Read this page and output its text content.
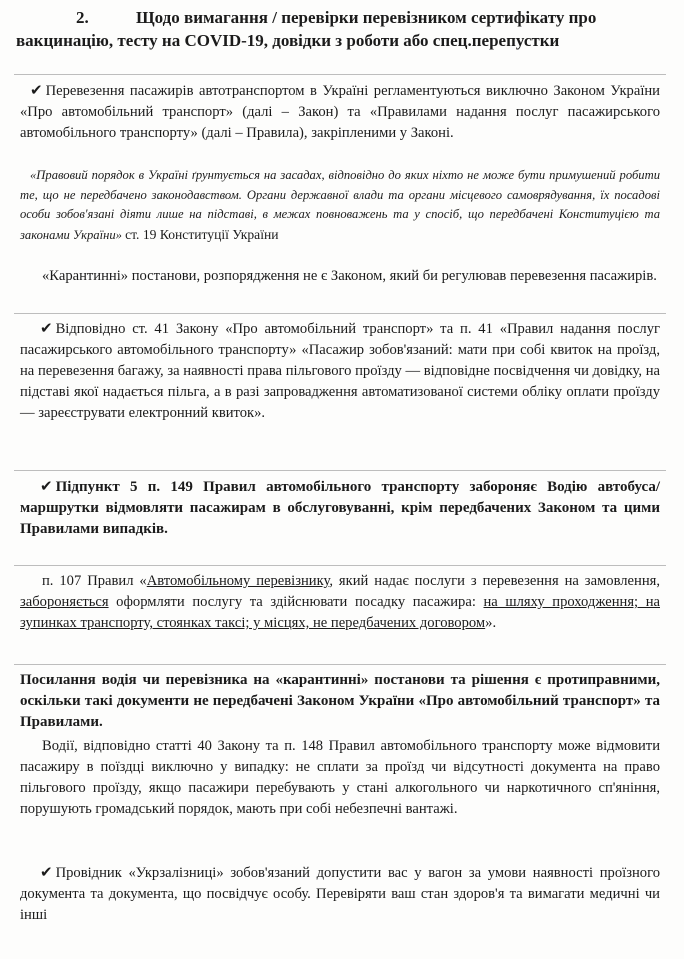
2.	Щодо вимагання / перевірки перевізником сертифікату про вакцинацію, тесту на COVID-19, довідки з роботи або спец.перепустки
✔ Перевезення пасажирів автотранспортом в Україні регламентуються виключно Законом України «Про автомобільний транспорт» (далі – Закон) та «Правилами надання послуг пасажирського автомобільного транспорту» (далі – Правила), закріпленими у Законі.
«Правовий порядок в Україні ґрунтується на засадах, відповідно до яких ніхто не може бути примушений робити те, що не передбачено законодавством. Органи державної влади та органи місцевого самоврядування, їх посадові особи зобов'язані діяти лише на підставі, в межах повноважень та у спосіб, що передбачені Конституцією та законами України» ст. 19 Конституції України
«Карантинні» постанови, розпорядження не є Законом, який би регулював перевезення пасажирів.
✔ Відповідно ст. 41 Закону «Про автомобільний транспорт» та п. 41 «Правил надання послуг пасажирського автомобільного транспорту» «Пасажир зобов'язаний: мати при собі квиток на проїзд, на перевезення багажу, за наявності права пільгового проїзду — відповідне посвідчення чи довідку, на підставі якої надається пільга, а в разі запровадження автоматизованої системи обліку оплати проїзду — зареєструвати електронний квиток».
✔ Підпункт 5 п. 149 Правил автомобільного транспорту забороняє Водію автобуса/маршрутки відмовляти пасажирам в обслуговуванні, крім передбачених Законом та цими Правилами випадків.
п. 107 Правил «Автомобільному перевізнику, який надає послуги з перевезення на замовлення, забороняється оформляти послугу та здійснювати посадку пасажира: на шляху проходження; на зупинках транспорту, стоянках таксі; у місцях, не передбачених договором».
Посилання водія чи перевізника на «карантинні» постанови та рішення є протиправними, оскільки такі документи не передбачені Законом України «Про автомобільний транспорт» та Правилами.
Водії, відповідно статті 40 Закону та п. 148 Правил автомобільного транспорту може відмовити пасажиру в поїздці виключно у випадку: не сплати за проїзд чи відсутності документа на право пільгового проїзду, якщо пасажири перебувають у стані алкогольного чи наркотичного сп'яніння, порушують громадський порядок, мають при собі небезпечні вантажі.
✔ Провідник «Укрзалізниці» зобов'язаний допустити вас у вагон за умови наявності проїзного документа та документа, що посвідчує особу. Перевіряти ваш стан здоров'я та вимагати медичні чи інші
